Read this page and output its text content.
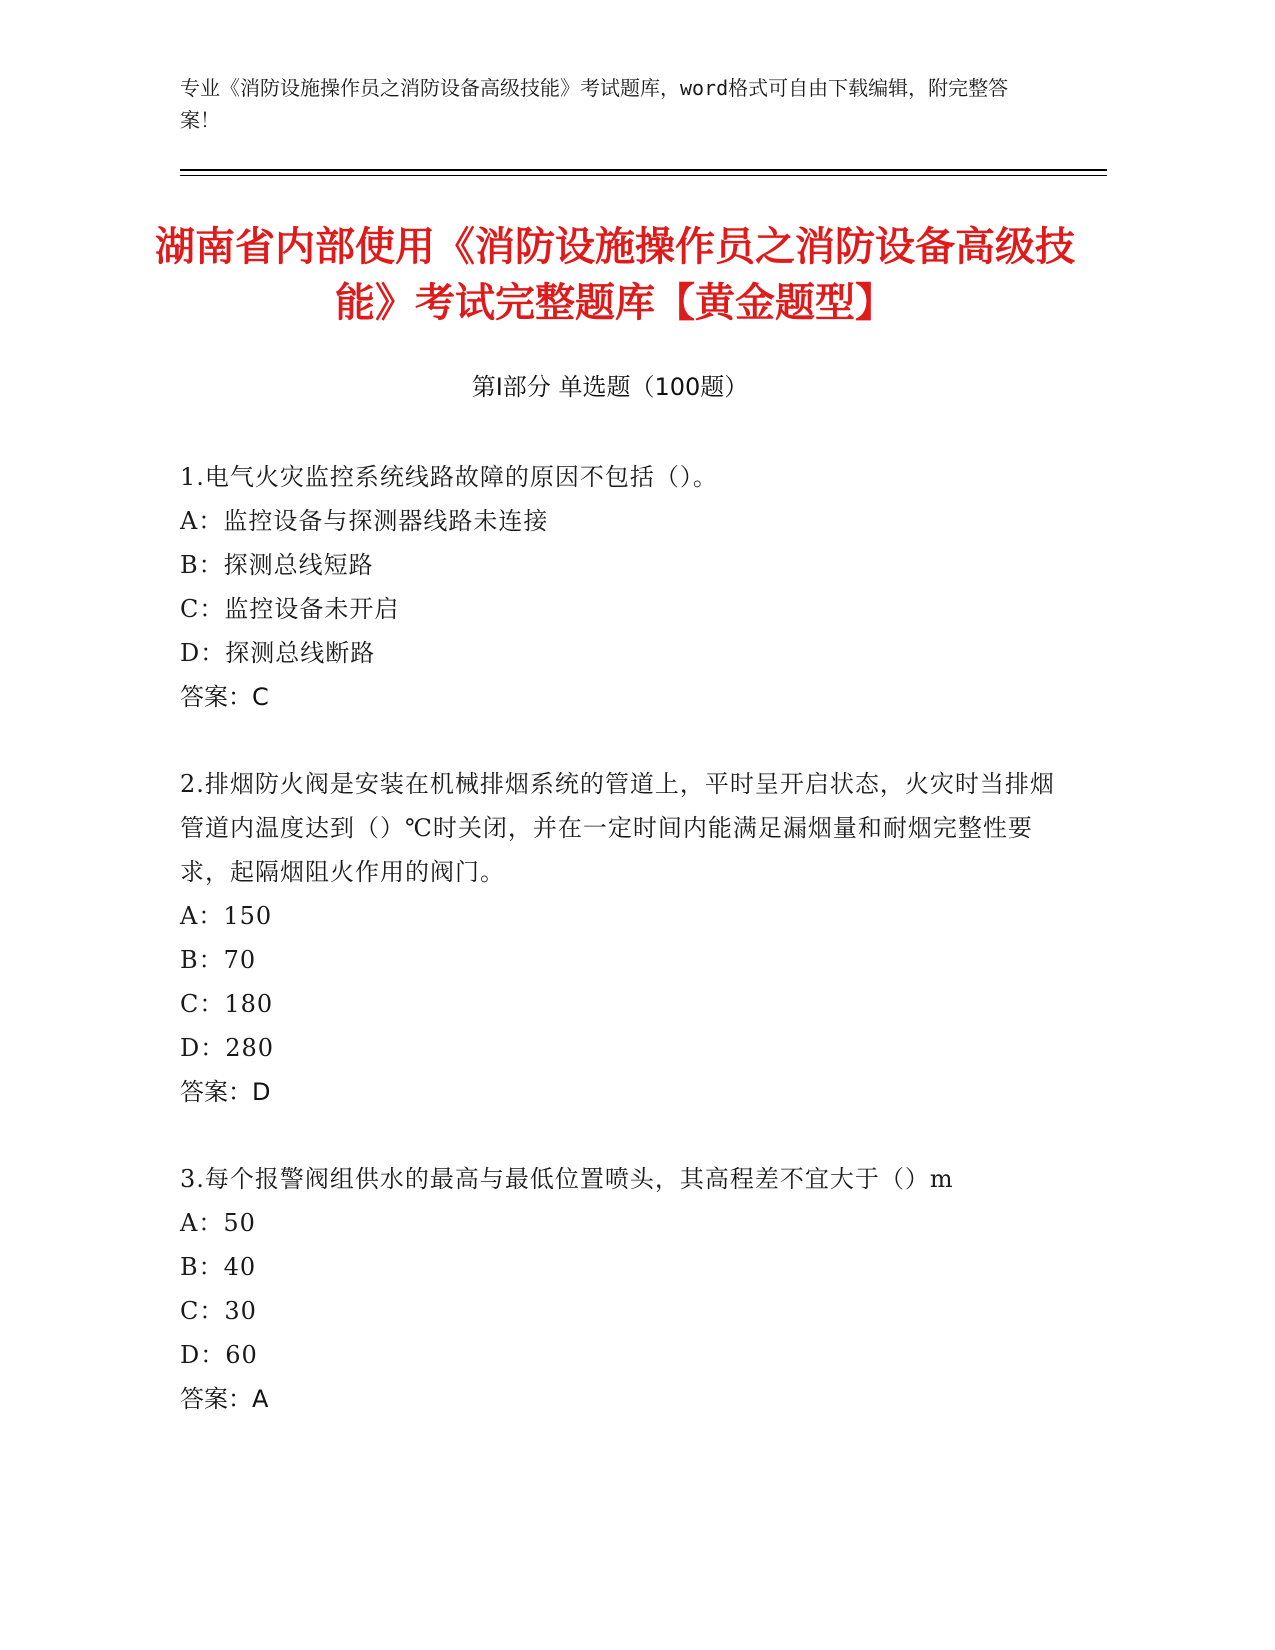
专业《消防设施操作员之消防设备高级技能》考试题库，word格式可自由下载编辑，附完整答案！
湖南省内部使用《消防设施操作员之消防设备高级技能》考试完整题库【黄金题型】
第Ⅰ部分 单选题（100题）
1.电气火灾监控系统线路故障的原因不包括（）。
A：监控设备与探测器线路未连接
B：探测总线短路
C：监控设备未开启
D：探测总线断路
答案：C
2.排烟防火阀是安装在机械排烟系统的管道上，平时呈开启状态，火灾时当排烟管道内温度达到（）℃时关闭，并在一定时间内能满足漏烟量和耐烟完整性要求，起隔烟阻火作用的阀门。
A：150
B：70
C：180
D：280
答案：D
3.每个报警阀组供水的最高与最低位置喷头，其高程差不宜大于（）m
A：50
B：40
C：30
D：60
答案：A
